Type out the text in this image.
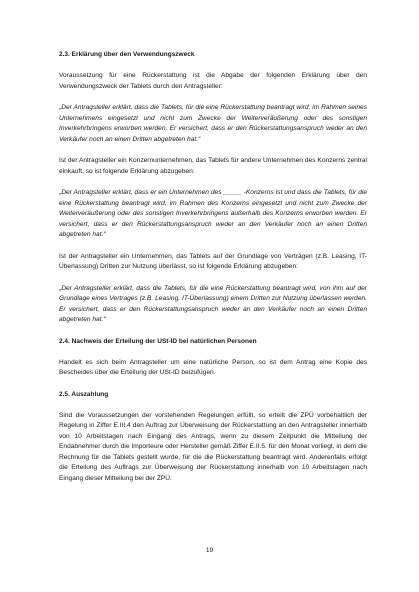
2.3. Erklärung über den Verwendungszweck

Voraussetzung für eine Rückerstattung ist die Abgabe der folgenden Erklärung über den Verwendungszweck der Tablets durch den Antragsteller:

„Der Antragsteller erklärt, dass die Tablets, für die eine Rückerstattung beantragt wird, im Rahmen seines Unternehmens eingesetzt und nicht zum Zwecke der Weiterveräußerung oder des sonstigen Inverkehrbringens erworben werden. Er versichert, dass er den Rückerstattungsanspruch weder an den Verkäufer noch an einen Dritten abgetreten hat.“

Ist der Antragsteller ein Konzernunternehmen, das Tablets für andere Unternehmen des Konzerns zentral einkauft, so ist folgende Erklärung abzugeben:

„Der Antragsteller erklärt, dass er ein Unternehmen des _____ -Konzerns ist und dass die Tablets, für die eine Rückerstattung beantragt wird, im Rahmen des Konzerns eingesetzt und nicht zum Zwecke der Weiterveräußerung oder des sonstigen Inverkehrbringens außerhalb des Konzerns erworben werden. Er versichert, dass er den Rückerstattungsanspruch weder an den Verkäufer noch an einen Dritten abgetreten hat.“

Ist der Antragsteller ein Unternehmen, das Tablets auf der Grundlage von Verträgen (z.B. Leasing, IT-Überlassung) Dritten zur Nutzung überlässt, so ist folgende Erklärung abzugeben:

„Der Antragsteller erklärt, dass die Tablets, für die eine Rückerstattung beantragt wird, von ihm auf der Grundlage eines Vertrages (z.B. Leasing, IT-Überlassung) einem Dritten zur Nutzung überlassen werden. Er versichert, dass er den Rückerstattungsanspruch weder an den Verkäufer noch an einen Dritten abgetreten hat.“

2.4. Nachweis der Erteilung der USt-ID bei natürlichen Personen

Handelt es sich beim Antragsteller um eine natürliche Person, so ist dem Antrag eine Kopie des Bescheides über die Erteilung der USt-ID beizufügen.

2.5. Auszahlung

Sind die Voraussetzungen der vorstehenden Regelungen erfüllt, so erteilt die ZPÜ vorbehaltlich der Regelung in Ziffer E.III.4 den Auftrag zur Überweisung der Rückerstattung an den Antragsteller innerhalb von 10 Arbeitstagen nach Eingang des Antrags, wenn zu diesem Zeitpunkt die Mitteilung der Endabnehmer durch die Importeure oder Hersteller gemäß Ziffer E.II.5. für den Monat vorliegt, in dem die Rechnung für die Tablets gestellt wurde, für die die Rückerstattung beantragt wird. Anderenfalls erfolgt die Erteilung des Auftrags zur Überweisung der Rückerstattung innerhalb von 10 Arbeitstagen nach Eingang dieser Mitteilung bei der ZPÜ.

19
